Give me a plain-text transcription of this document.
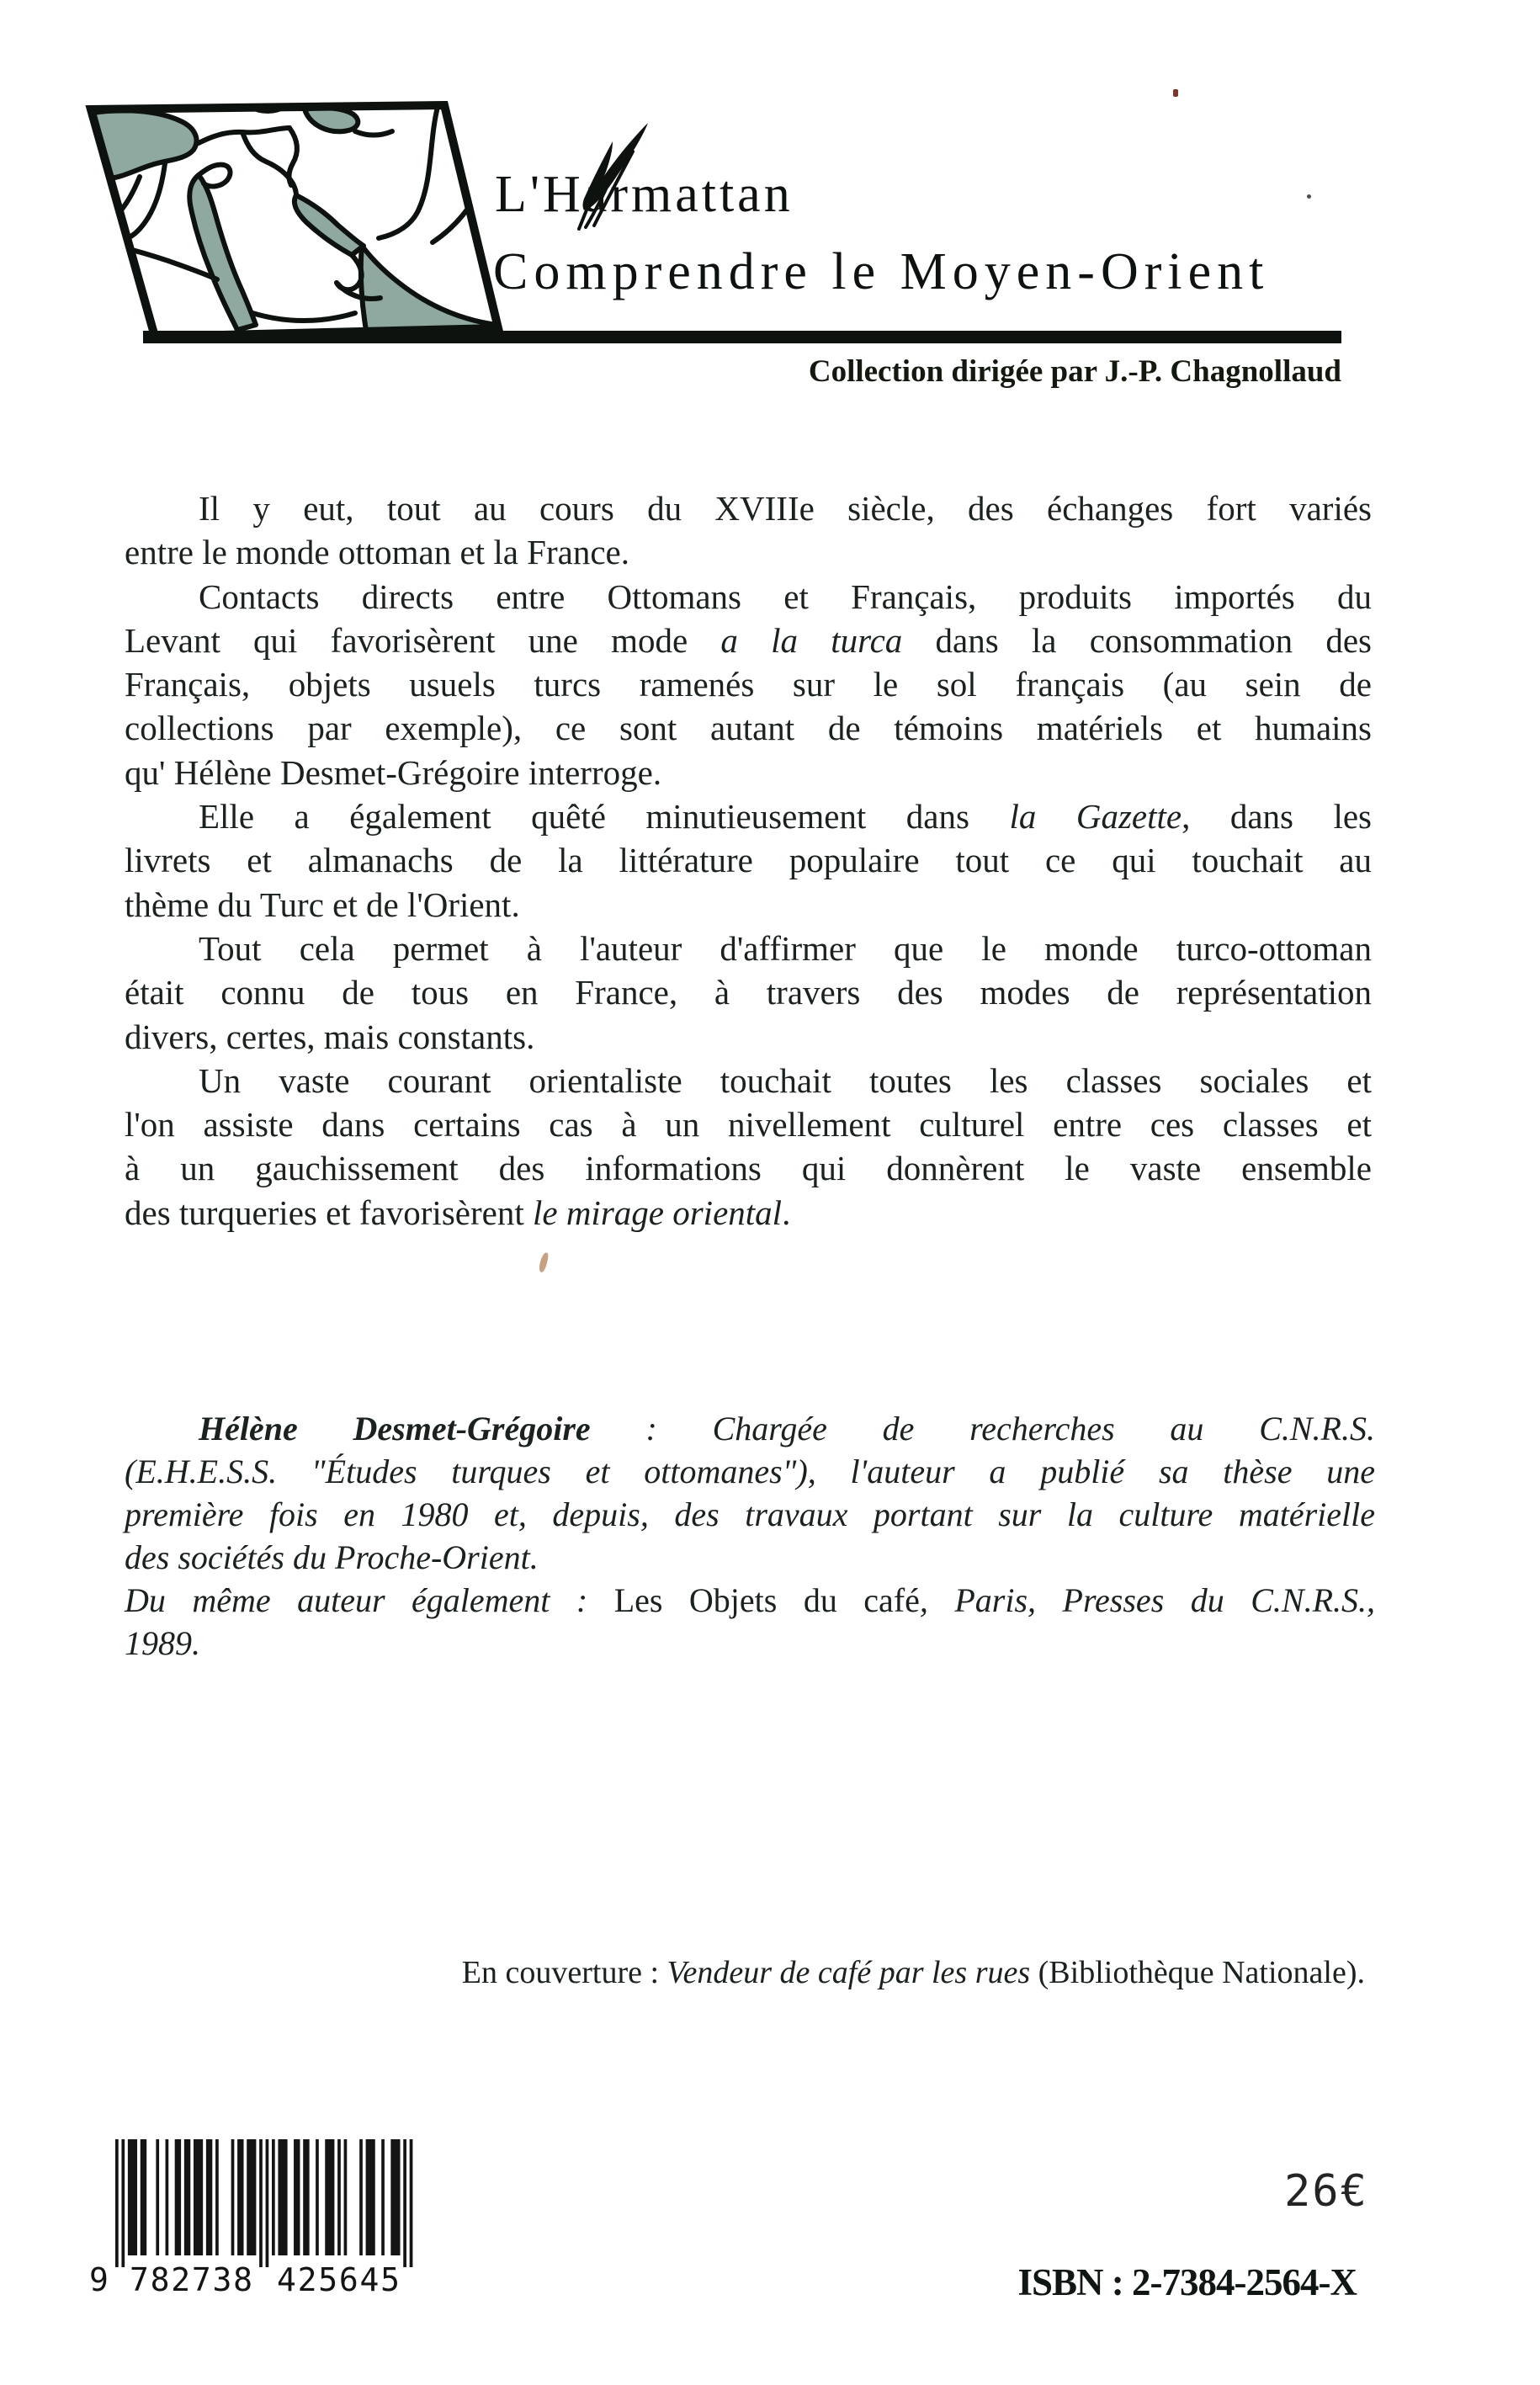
L'Harmattan
Comprendre le Moyen-Orient
Collection dirigée par J.-P. Chagnollaud
Il y eut, tout au cours du XVIIIe siècle, des échanges fort variés
entre le monde ottoman et la France.
Contacts directs entre Ottomans et Français, produits importés du
Levant qui favorisèrent une mode a la turca dans la consommation des
Français, objets usuels turcs ramenés sur le sol français (au sein de
collections par exemple), ce sont autant de témoins matériels et humains
qu' Hélène Desmet-Grégoire interroge.
Elle a également quêté minutieusement dans la Gazette, dans les
livrets et almanachs de la littérature populaire tout ce qui touchait au
thème du Turc et de l'Orient.
Tout cela permet à l'auteur d'affirmer que le monde turco-ottoman
était connu de tous en France, à travers des modes de représentation
divers, certes, mais constants.
Un vaste courant orientaliste touchait toutes les classes sociales et
l'on assiste dans certains cas à un nivellement culturel entre ces classes et
à un gauchissement des informations qui donnèrent le vaste ensemble
des turqueries et favorisèrent le mirage oriental.
Hélène Desmet-Grégoire : Chargée de recherches au C.N.R.S.
(E.H.E.S.S. "Études turques et ottomanes"), l'auteur a publié sa thèse une
première fois en 1980 et, depuis, des travaux portant sur la culture matérielle
des sociétés du Proche-Orient.
Du même auteur également : Les Objets du café, Paris, Presses du C.N.R.S.,
1989.
En couverture : Vendeur de café par les rues (Bibliothèque Nationale).
9 782738 425645
26€
ISBN : 2-7384-2564-X
